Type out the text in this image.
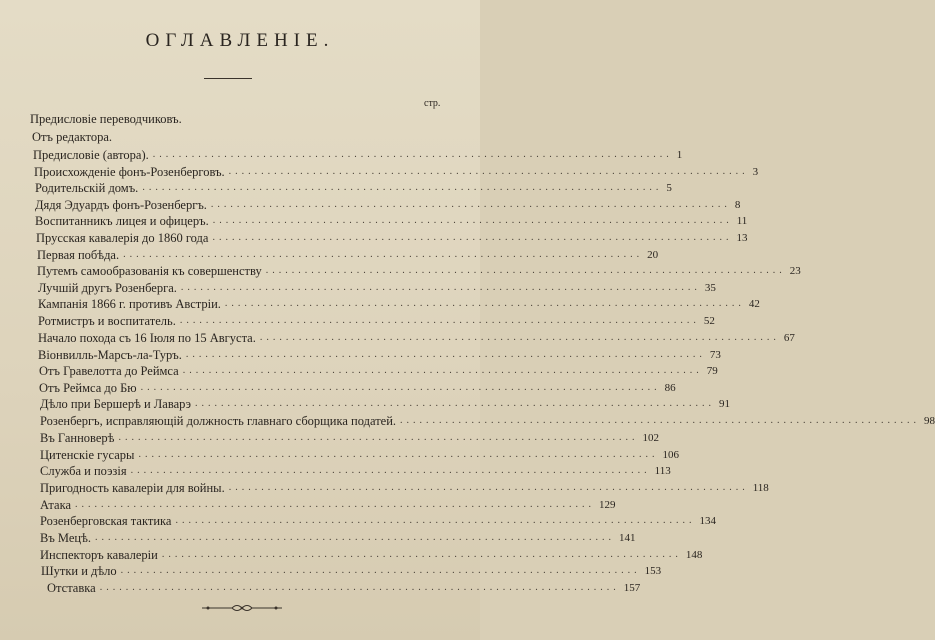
ОГЛАВЛЕНІЕ.
стр.
Предисловіе переводчиковъ.
Отъ редактора.
Предисловіе (автора). ................................................................................ 1
Происхожденіе фонъ-Розенберговъ. ................................................................................ 3
Родительскій домъ. ................................................................................ 5
Дядя Эдуардъ фонъ-Розенбергъ. ................................................................................ 8
Воспитанникъ лицея и офицеръ. ................................................................................ 11
Прусская кавалерія до 1860 года ................................................................................ 13
Первая побѣда. ................................................................................ 20
Путемъ самообразованія къ совершенству ................................................................................ 23
Лучшій другъ Розенберга. ................................................................................ 35
Кампанія 1866 г. противъ Австріи. ................................................................................ 42
Ротмистръ и воспитатель. ................................................................................ 52
Начало похода съ 16 Іюля по 15 Августа. ................................................................................ 67
Віонвилль-Марсъ-ла-Туръ. ................................................................................ 73
Отъ Гравелотта до Реймса ................................................................................ 79
Отъ Реймса до Бю ................................................................................ 86
Дѣло при Бершерѣ и Лаварэ ................................................................................ 91
Розенбергъ, исправляющій должность главнаго сборщика податей. ................................................................................ 98
Въ Ганноверѣ ................................................................................ 102
Цитенскіе гусары ................................................................................ 106
Служба и поэзія ................................................................................ 113
Пригодность кавалеріи для войны. ................................................................................ 118
Атака ................................................................................ 129
Розенберговская тактика ................................................................................ 134
Въ Мецѣ. ................................................................................ 141
Инспекторъ кавалеріи ................................................................................ 148
Шутки и дѣло ................................................................................ 153
Отставка ................................................................................ 157
